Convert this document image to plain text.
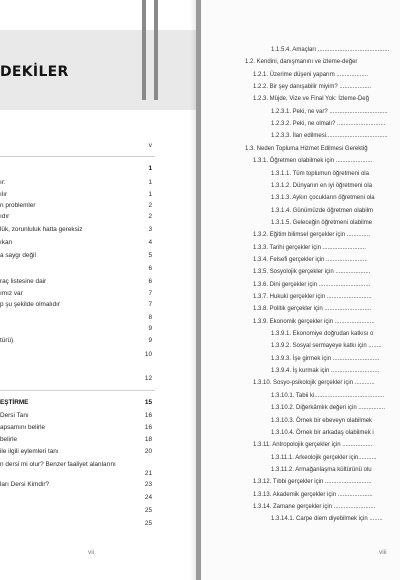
DEKİLER
v
1
ır:	1
ılır	1
n problemler	2
ıdır	2
lük, zorunluluk hatta gereksiz	3
ıkan	4
a saygı değil	5
6
raç listesine dair	6
ımız var	7
p şu şekilde olmalıdır	7
8
9
türü)	9
10
12
EŞTİRME	15
Dersi Tanı	16
apsamını belirle	16
belirle	18
ile ilgili eylemleri tanı	20
n dersi mi olur? Benzer faaliyet alanlarını
21
ları Dersi Kimdir?	23
24
25
25
vii
1.1.5.4. Amaçları ...........................................
1.2. Kendini, danışmanını ve izleme-değer
1.2.1. Üzerime düşeni yaparım ...................
1.2.2. Bir şey danışabilir miyim? ...................
1.2.3. Müjde, Vize ve Final Yok: İzleme-Değ
1.2.3.1. Peki, ne var? ...................................
1.2.3.2. Peki, ne olmalı? .............................
1.2.3.3. İlan edilmesi.....................................
1.3. Neden Topluma Hizmet Edilmesi Gerektiğ
1.3.1. Öğretmen olabilmek için ......................
1.3.1.1. Tüm toplumun öğretmeni ola
1.3.1.2. Dünyanın en iyi öğretmeni ola
1.3.1.3. Aykırı çocukların öğretmeni ola
1.3.1.4. Günümüzde öğretmen olabilm
1.3.1.5. Geleceğin öğretmeni olabilme
1.3.2. Eğitim bilimsel gerçekler için ..............
1.3.3. Tarihi gerçekler için ..........................
1.3.4. Felsefi gerçekler için .........................
1.3.5. Sosyolojik gerçekler için .....................
1.3.6. Dini gerçekler için ...............................
1.3.7. Hukuki gerçekler için ...........................
1.3.8. Politik gerçekler için ............................
1.3.9. Ekonomik gerçekler için ........................
1.3.9.1. Ekonomiye doğrudan katkısı o
1.3.9.2. Sosyal sermayeye katkı için ........
1.3.9.3. İşe girmek için ............................
1.3.9.4. İş kurmak için .............................
1.3.10. Sosyo-psikolojik gerçekler için ............
1.3.10.1. Tabii ki..........................................
1.3.10.2. Diğerkâmlık değeri için ................
1.3.10.3. Örnek bir ebeveyn olabilmek
1.3.10.4. Örnek bir arkadaş olabilmek i
1.3.11. Antropolojik gerçekler için ..................
1.3.11.1. Arkeolojik gerçekler için...........
1.3.11.2. Armağanlaşma kültürünü olu
1.3.12. Tıbbi gerçekler için ............................
1.3.13. Akademik gerçekler için .....................
1.3.14. Zamane gerçekler için .........................
1.3.14.1. Carpe diem diyebilmek için ........
viii
